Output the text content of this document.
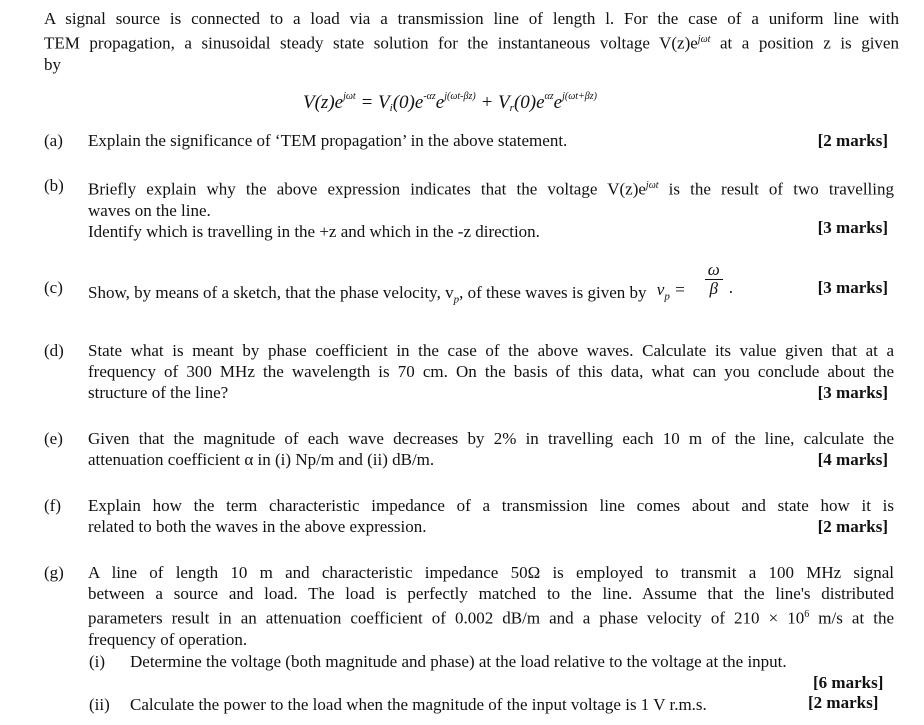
A signal source is connected to a load via a transmission line of length l. For the case of a uniform line with
TEM propagation, a sinusoidal steady state solution for the instantaneous voltage $V(z)e^{j\omega t}$ at a position z is given
by
$V(z)e^{j\omega t} = V_i(0)e^{-\alpha z}e^{j(\omega t-\beta z)} + V_r(0)e^{\alpha z}e^{j(\omega t+\beta z)}$
(a)	Explain the significance of ‘TEM propagation’ in the above statement.	[2 marks]
(b)	Briefly explain why the above expression indicates that the voltage $V(z)e^{j\omega t}$ is the result of two travelling
waves on the line.
Identify which is travelling in the +z and which in the -z direction.	[3 marks]
(c)	Show, by means of a sketch, that the phase velocity, $v_p$, of these waves is given by $v_p = \frac{\omega}{\beta}$ .	[3 marks]
(d)	State what is meant by phase coefficient in the case of the above waves. Calculate its value given that at a
frequency of 300 MHz the wavelength is 70 cm. On the basis of this data, what can you conclude about the
structure of the line?	[3 marks]
(e)	Given that the magnitude of each wave decreases by 2% in travelling each 10 m of the line, calculate the
attenuation coefficient α in (i) Np/m and (ii) dB/m.	[4 marks]
(f)	Explain how the term characteristic impedance of a transmission line comes about and state how it is
related to both the waves in the above expression.	[2 marks]
(g)	A line of length 10 m and characteristic impedance 50Ω is employed to transmit a 100 MHz signal
between a source and load. The load is perfectly matched to the line. Assume that the line's distributed
parameters result in an attenuation coefficient of 0.002 dB/m and a phase velocity of $210 \times 10^6$ m/s at the
frequency of operation.
(i) Determine the voltage (both magnitude and phase) at the load relative to the voltage at the input.
[6 marks]
(ii) Calculate the power to the load when the magnitude of the input voltage is 1 V r.m.s.	[2 marks]
